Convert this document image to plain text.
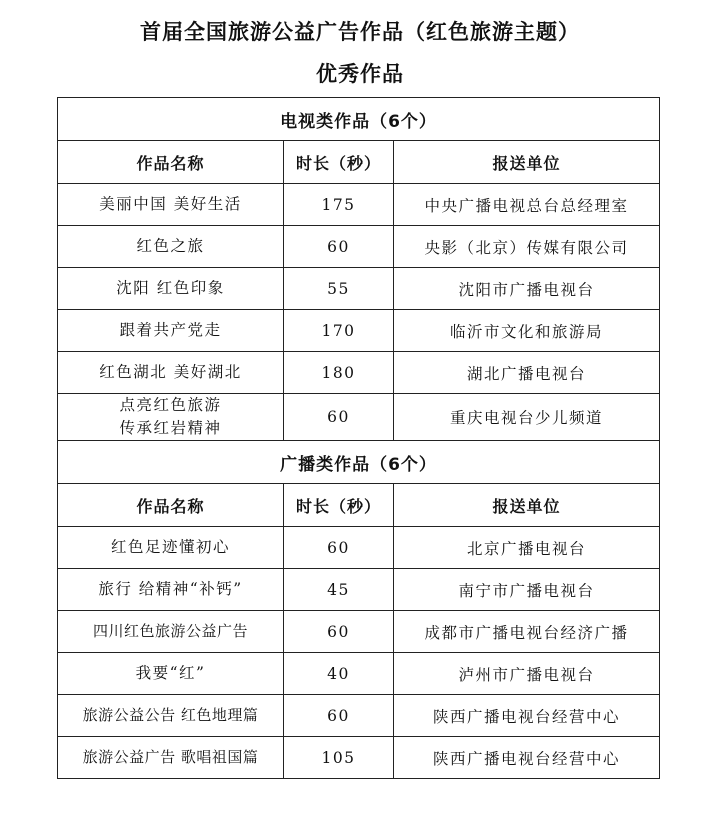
首届全国旅游公益广告作品（红色旅游主题）
优秀作品
电视类作品（6个）		
作品名称	时长（秒）	报送单位
美丽中国 美好生活	175	中央广播电视总台总经理室
红色之旅	60	央影（北京）传媒有限公司
沈阳 红色印象	55	沈阳市广播电视台
跟着共产党走	170	临沂市文化和旅游局
红色湖北 美好湖北	180	湖北广播电视台

点亮红色旅游
传承红岩精神	60	重庆电视台少儿频道
广播类作品（6个）		
作品名称	时长（秒）	报送单位
红色足迹懂初心	60	北京广播电视台
旅行 给精神“补钙”	45	南宁市广播电视台
四川红色旅游公益广告	60	成都市广播电视台经济广播
我要“红”	40	泸州市广播电视台
旅游公益公告 红色地理篇	60	陕西广播电视台经营中心
旅游公益广告 歌唱祖国篇	105	陕西广播电视台经营中心
